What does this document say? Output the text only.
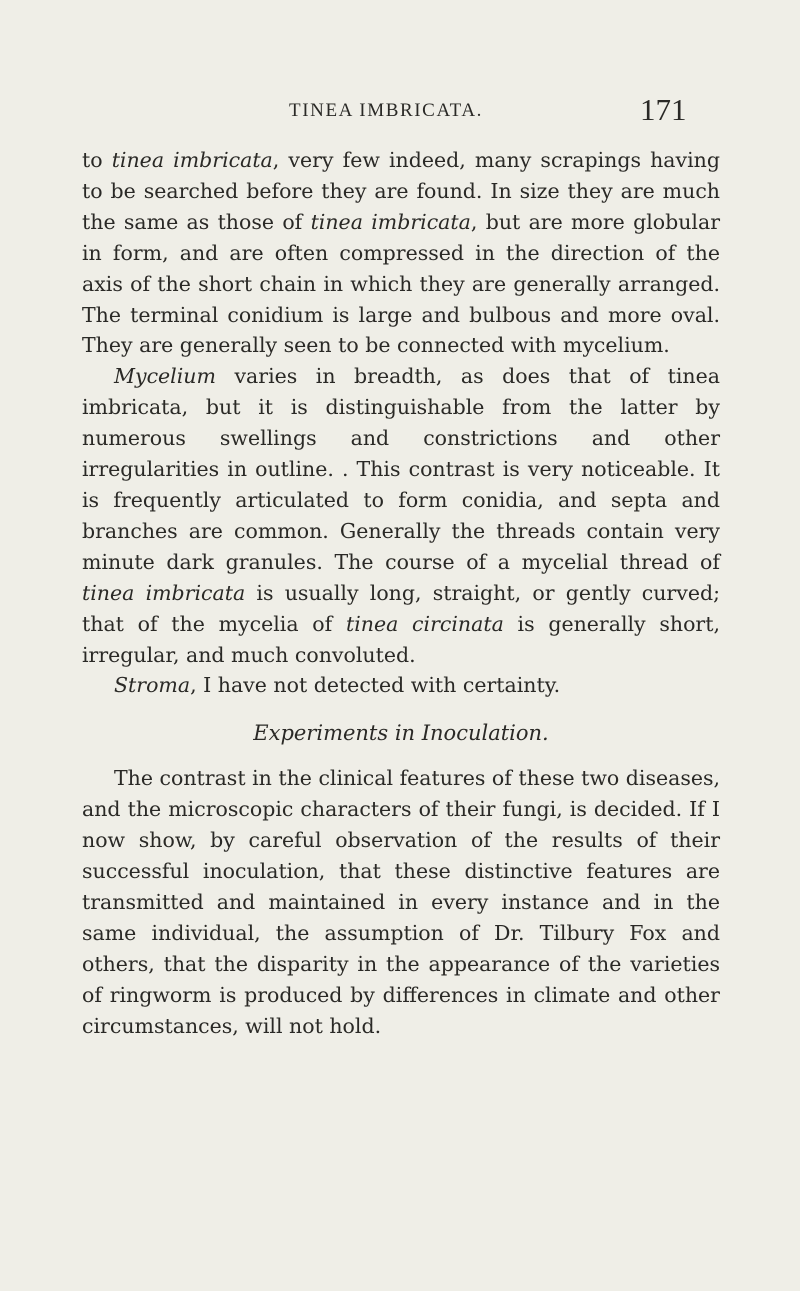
TINEA IMBRICATA.	171

to tinea imbricata, very few indeed, many scrapings having to be searched before they are found. In size they are much the same as those of tinea imbricata, but are more globular in form, and are often compressed in the direction of the axis of the short chain in which they are generally arranged. The terminal conidium is large and bulbous and more oval. They are generally seen to be connected with mycelium.

Mycelium varies in breadth, as does that of tinea imbricata, but it is distinguishable from the latter by numerous swellings and constrictions and other irregularities in outline. . This contrast is very noticeable. It is frequently articulated to form conidia, and septa and branches are common. Generally the threads contain very minute dark granules. The course of a mycelial thread of tinea imbricata is usually long, straight, or gently curved; that of the mycelia of tinea circinata is generally short, irregular, and much convoluted.

Stroma, I have not detected with certainty.

Experiments in Inoculation.

The contrast in the clinical features of these two diseases, and the microscopic characters of their fungi, is decided. If I now show, by careful observation of the results of their successful inoculation, that these distinctive features are transmitted and maintained in every instance and in the same individual, the assumption of Dr. Tilbury Fox and others, that the disparity in the appearance of the varieties of ringworm is produced by differences in climate and other circumstances, will not hold.
